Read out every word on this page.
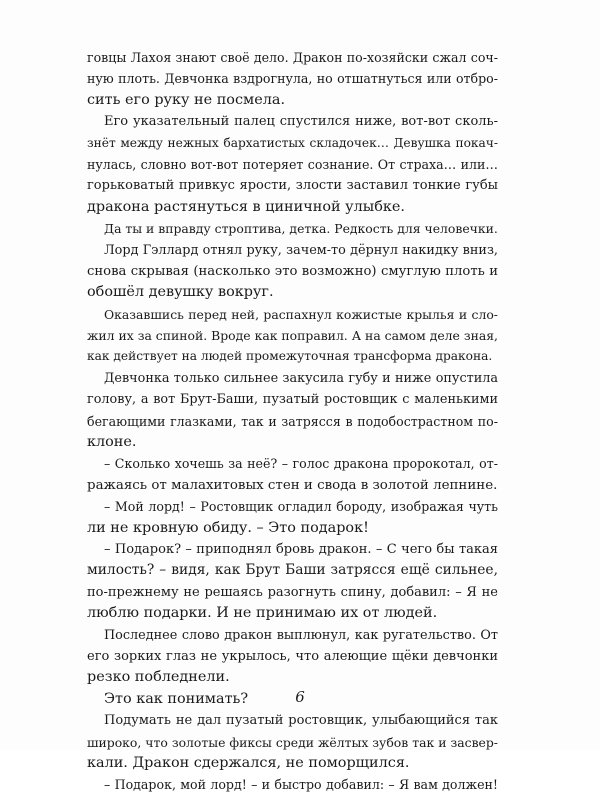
говцы Лахоя знают своё дело. Дракон по-хозяйски сжал соч-
ную плоть. Девчонка вздрогнула, но отшатнуться или отбро-
сить его руку не посмела.
Его указательный палец спустился ниже, вот-вот сколь-
знёт между нежных бархатистых складочек… Девушка покач-
нулась, словно вот-вот потеряет сознание. От страха… или…
горьковатый привкус ярости, злости заставил тонкие губы
дракона растянуться в циничной улыбке.
Да ты и вправду строптива, детка. Редкость для человечки.
Лорд Гэллард отнял руку, зачем-то дёрнул накидку вниз,
снова скрывая (насколько это возможно) смуглую плоть и
обошёл девушку вокруг.
Оказавшись перед ней, распахнул кожистые крылья и сло-
жил их за спиной. Вроде как поправил. А на самом деле зная,
как действует на людей промежуточная трансформа дракона.
Девчонка только сильнее закусила губу и ниже опустила
голову, а вот Брут-Баши, пузатый ростовщик с маленькими
бегающими глазками, так и затрясся в подобострастном по-
клоне.
– Сколько хочешь за неё? – голос дракона пророкотал, от-
ражаясь от малахитовых стен и свода в золотой лепнине.
– Мой лорд! – Ростовщик огладил бороду, изображая чуть
ли не кровную обиду. – Это подарок!
– Подарок? – приподнял бровь дракон. – С чего бы такая
милость? – видя, как Брут Баши затрясся ещё сильнее,
по-прежнему не решаясь разогнуть спину, добавил: – Я не
люблю подарки. И не принимаю их от людей.
Последнее слово дракон выплюнул, как ругательство. От
его зорких глаз не укрылось, что алеющие щёки девчонки
резко побледнели.
Это как понимать?
Подумать не дал пузатый ростовщик, улыбающийся так
широко, что золотые фиксы среди жёлтых зубов так и засвер-
кали. Дракон сдержался, не поморщился.
– Подарок, мой лорд! – и быстро добавил: – Я вам должен!
6
